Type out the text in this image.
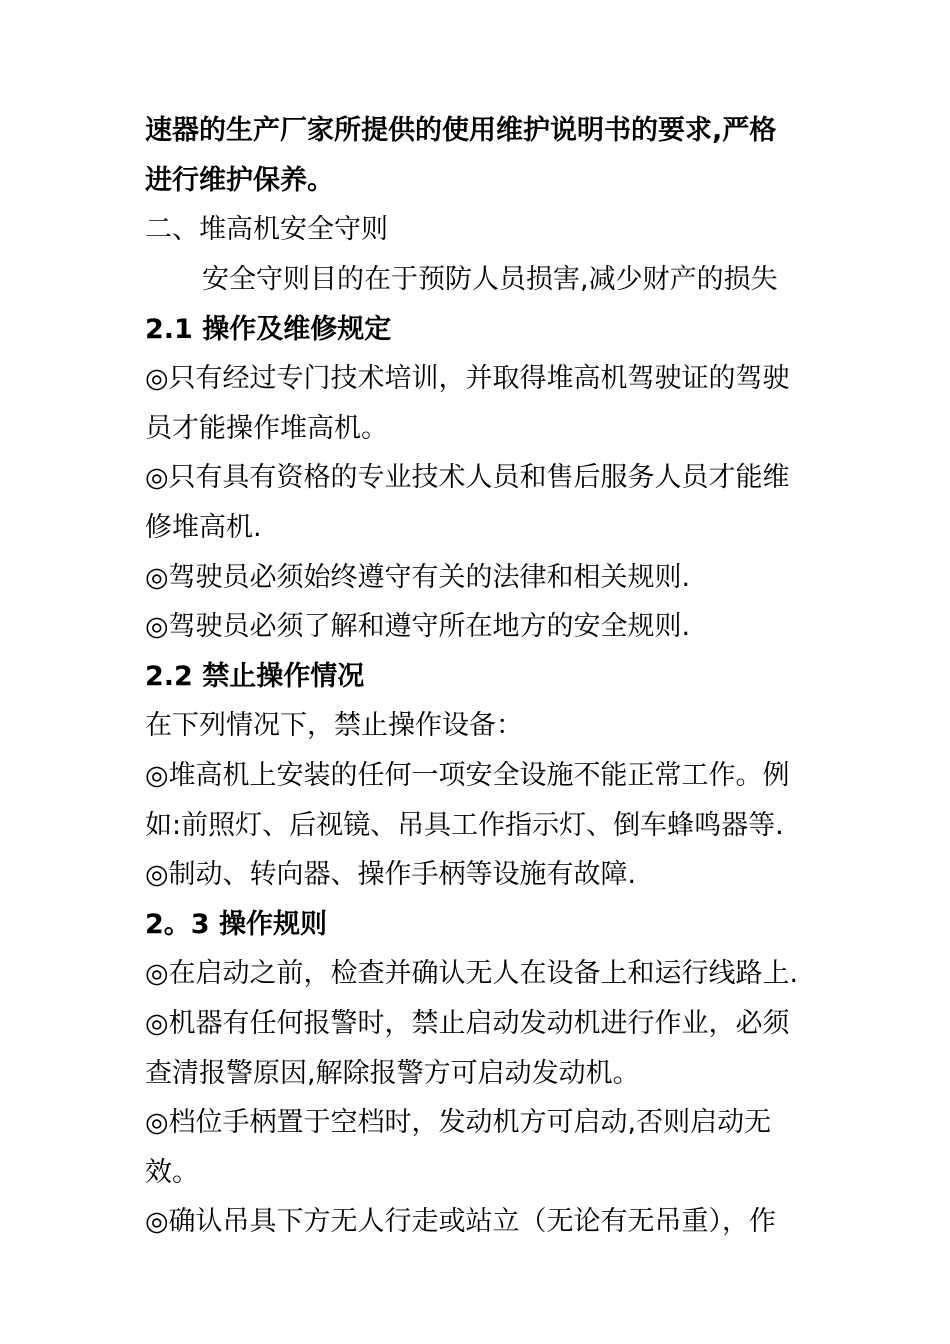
速器的生产厂家所提供的使用维护说明书的要求,严格
进行维护保养。
二、堆高机安全守则
安全守则目的在于预防人员损害,减少财产的损失
2.1 操作及维修规定
◎只有经过专门技术培训，并取得堆高机驾驶证的驾驶
员才能操作堆高机。
◎只有具有资格的专业技术人员和售后服务人员才能维
修堆高机.
◎驾驶员必须始终遵守有关的法律和相关规则.
◎驾驶员必须了解和遵守所在地方的安全规则.
2.2 禁止操作情况
在下列情况下，禁止操作设备：
◎堆高机上安装的任何一项安全设施不能正常工作。例
如:前照灯、后视镜、吊具工作指示灯、倒车蜂鸣器等.
◎制动、转向器、操作手柄等设施有故障.
2。3 操作规则
◎在启动之前，检查并确认无人在设备上和运行线路上.
◎机器有任何报警时，禁止启动发动机进行作业，必须
查清报警原因,解除报警方可启动发动机。
◎档位手柄置于空档时，发动机方可启动,否则启动无
效。
◎确认吊具下方无人行走或站立（无论有无吊重），作
